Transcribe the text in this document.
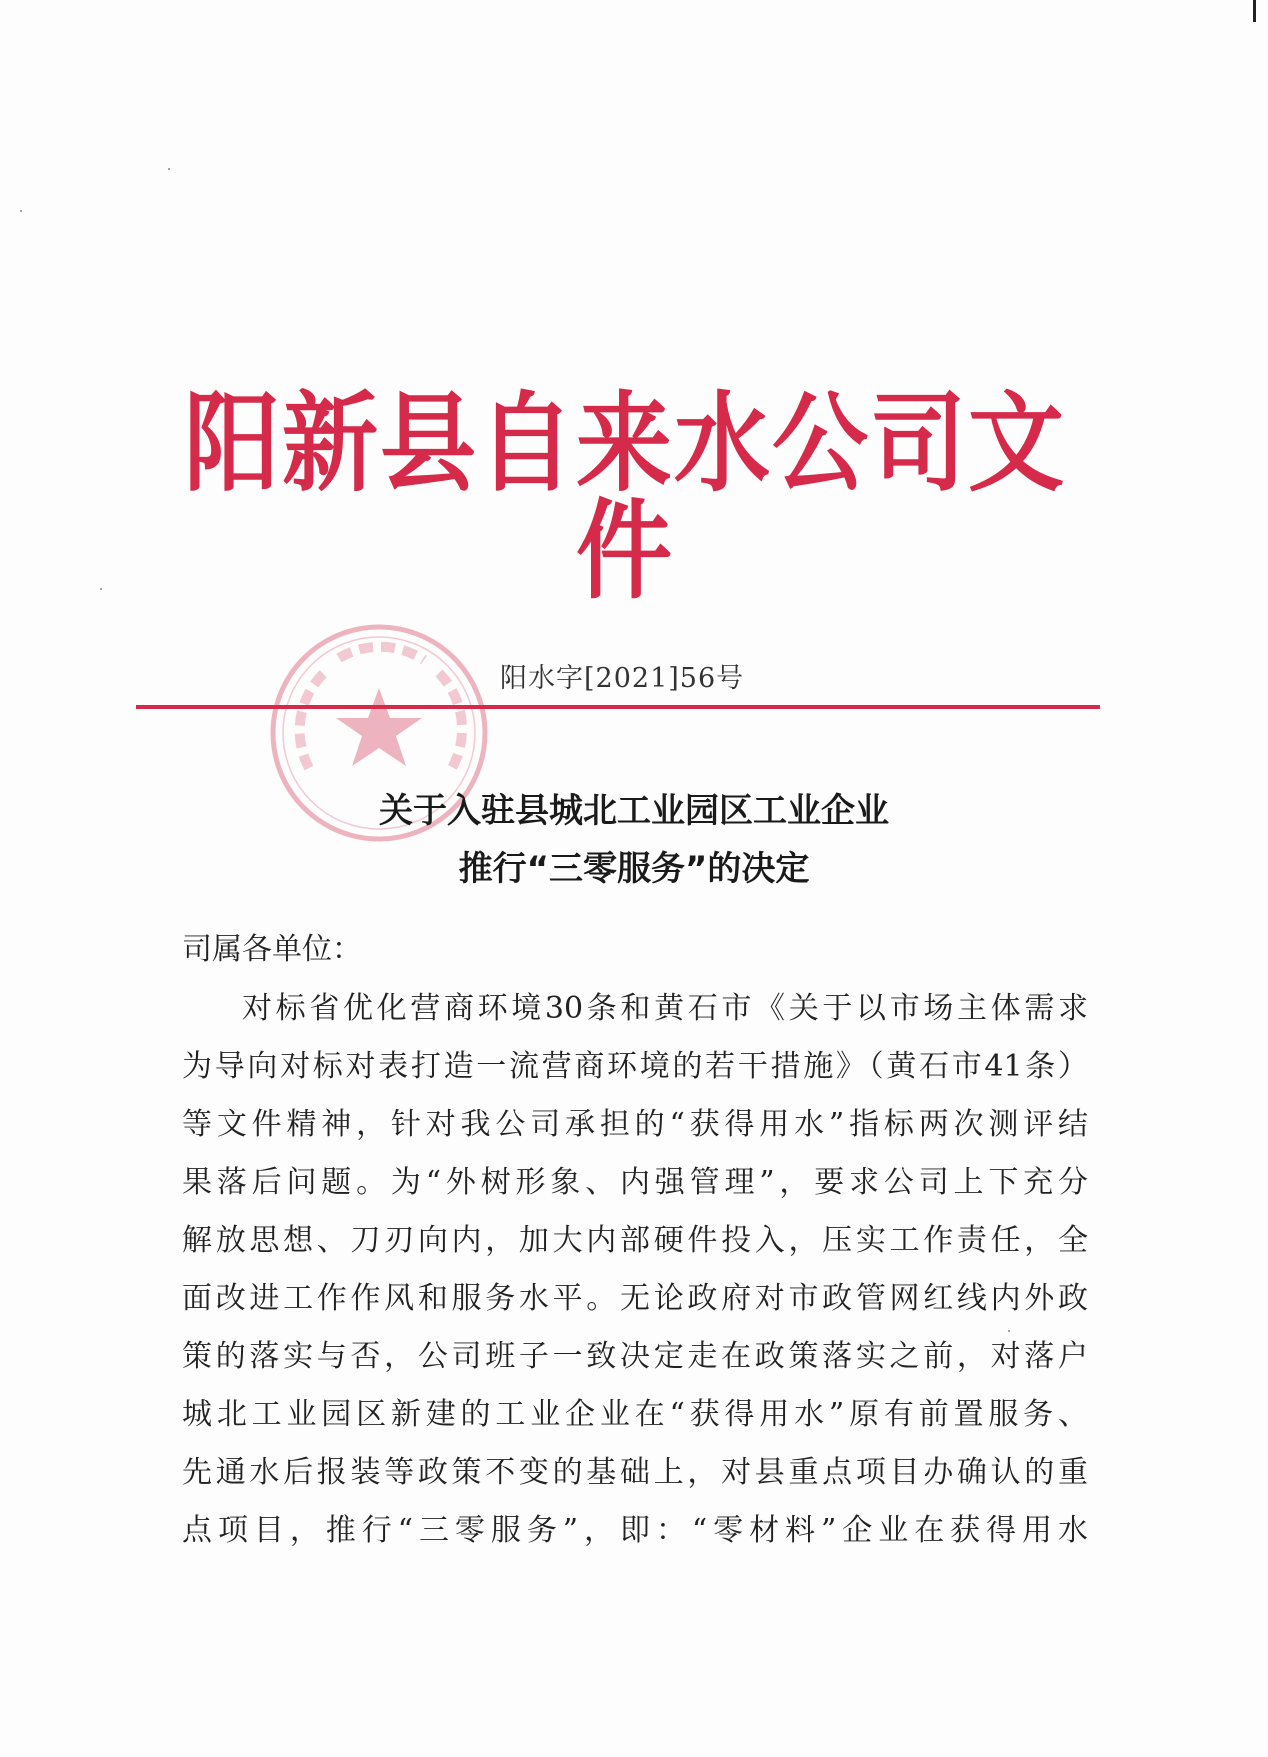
阳新县自来水公司文件
阳水字[2021]56号
关于入驻县城北工业园区工业企业
推行“三零服务”的决定
司属各单位：
对标省优化营商环境30条和黄石市《关于以市场主体需求
为导向对标对表打造一流营商环境的若干措施》（黄石市41条）
等文件精神，针对我公司承担的“获得用水”指标两次测评结
果落后问题。为“外树形象、内强管理”，要求公司上下充分
解放思想、刀刃向内，加大内部硬件投入，压实工作责任，全
面改进工作作风和服务水平。无论政府对市政管网红线内外政
策的落实与否，公司班子一致决定走在政策落实之前，对落户
城北工业园区新建的工业企业在“获得用水”原有前置服务、
先通水后报装等政策不变的基础上，对县重点项目办确认的重
点项目，推行“三零服务”，即：“零材料”企业在获得用水
